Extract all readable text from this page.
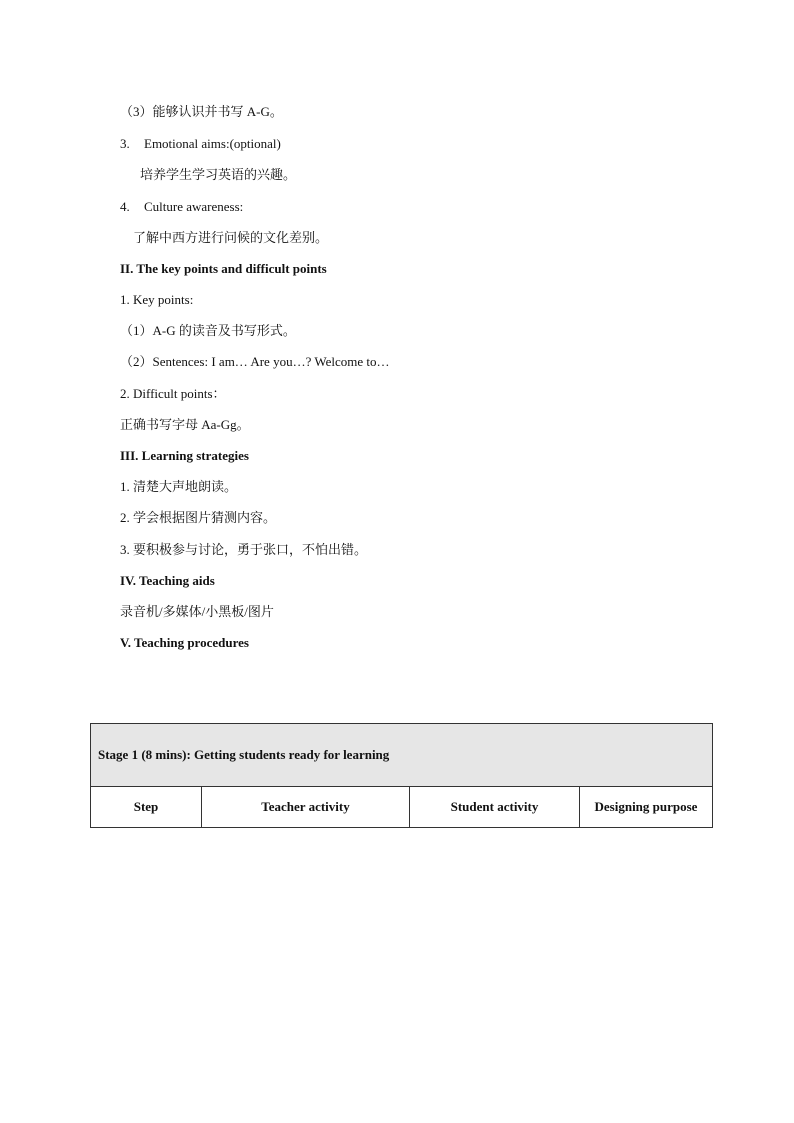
（3）能够认识并书写 A-G。
3. Emotional aims:(optional)
培养学生学习英语的兴趣。
4. Culture awareness:
了解中西方进行问候的文化差别。
II. The key points and difficult points
1. Key points:
（1）A-G 的读音及书写形式。
（2）Sentences: I am… Are you…? Welcome to…
2. Difficult points：
正确书写字母 Aa-Gg。
III. Learning strategies
1. 清楚大声地朗读。
2. 学会根据图片猜测内容。
3. 要积极参与讨论，勇于张口，不怕出错。
IV. Teaching aids
录音机/多媒体/小黑板/图片
V. Teaching procedures
Stage 1 (8 mins): Getting students ready for learning
Step	Teacher activity	Student activity	Designing purpose
